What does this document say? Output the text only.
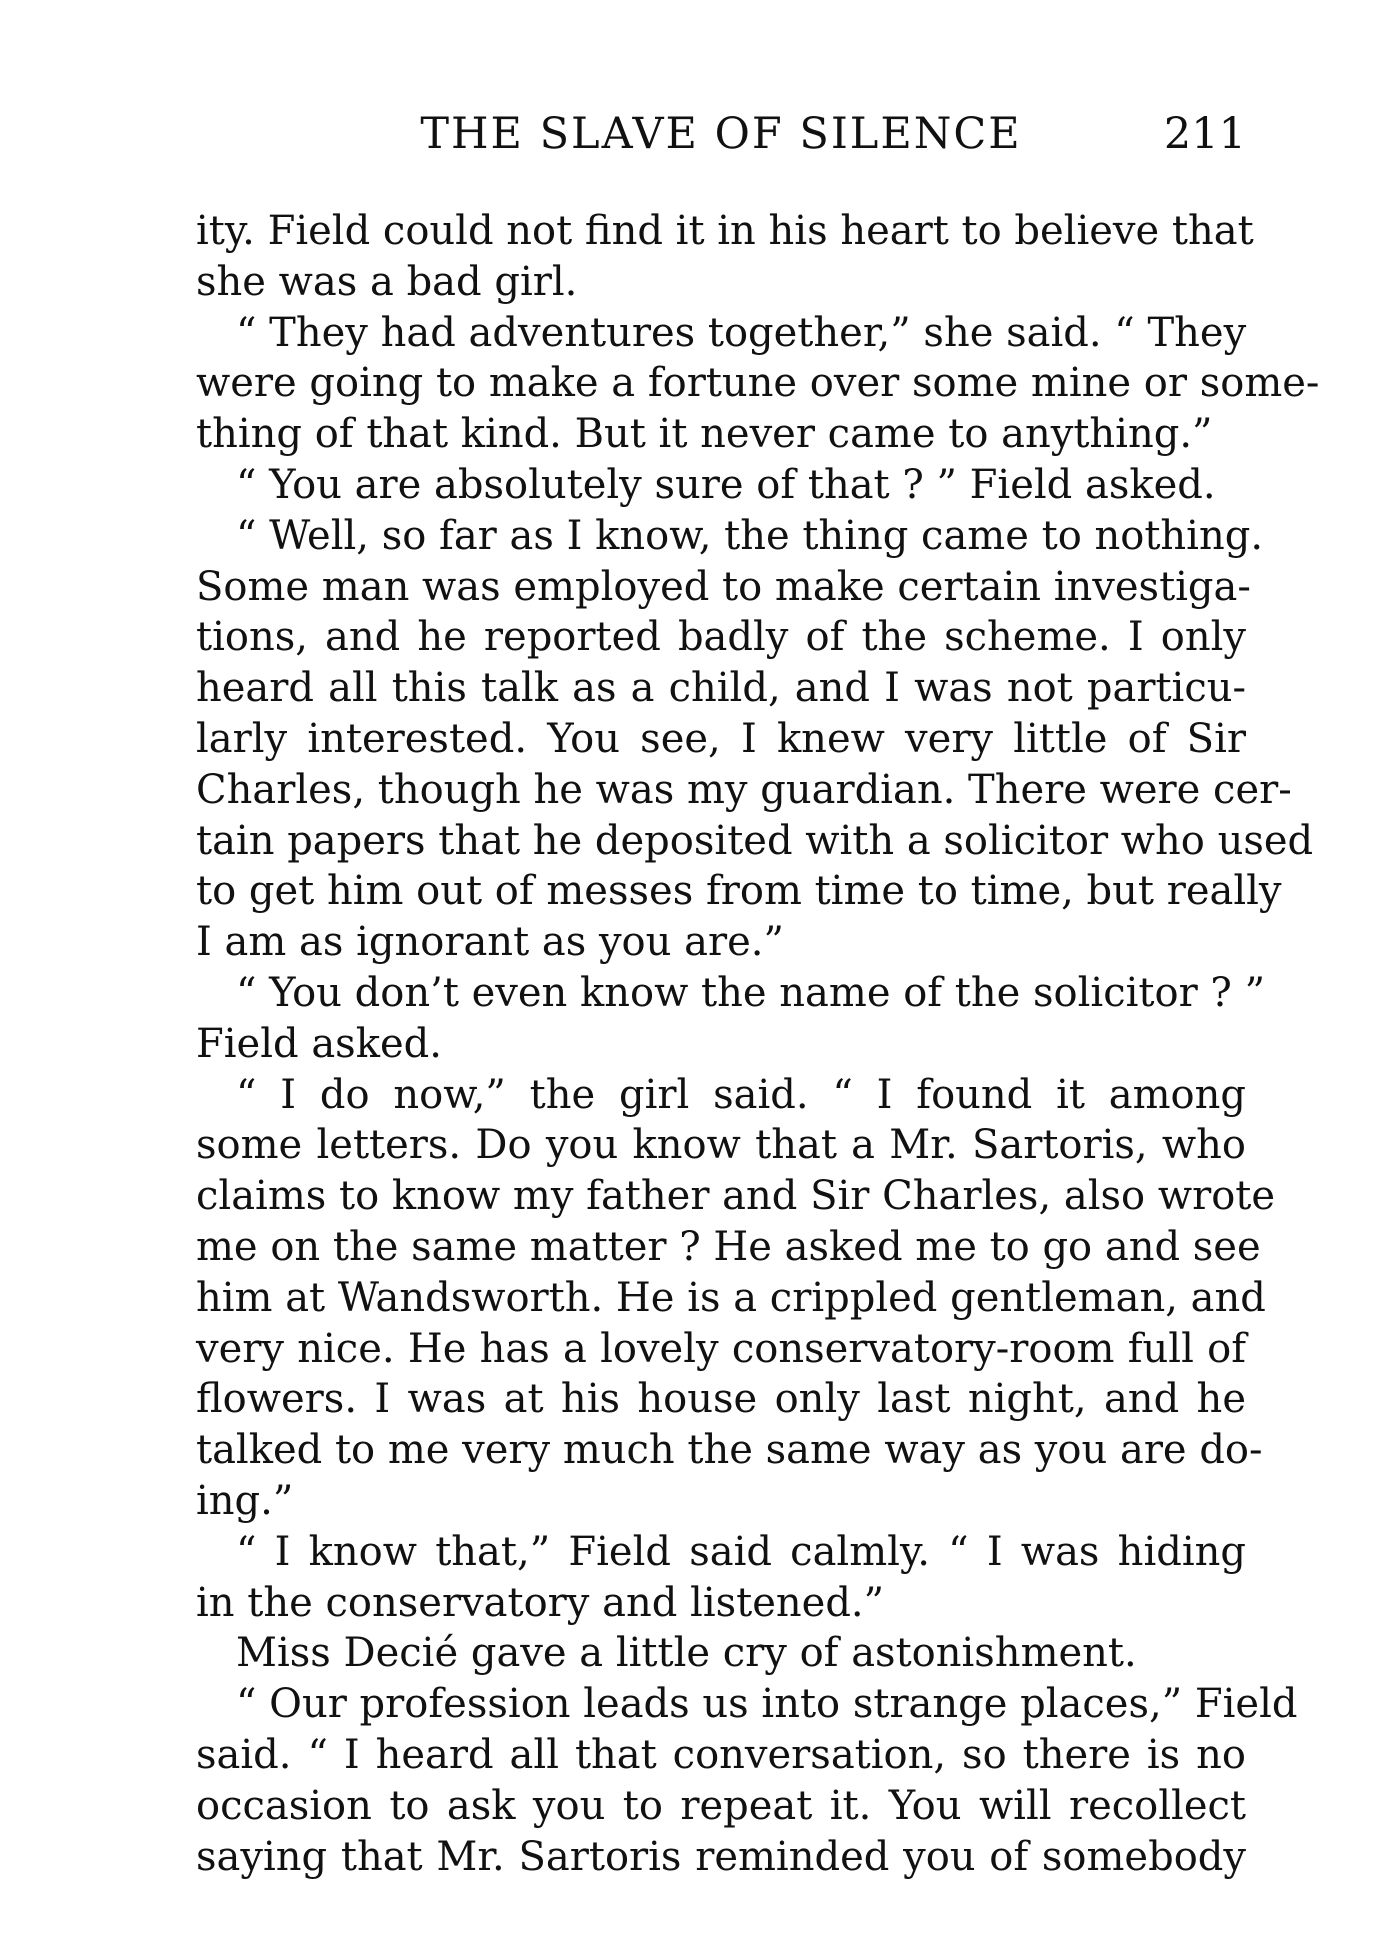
THE SLAVE OF SILENCE	211
ity. Field could not find it in his heart to believe that
she was a bad girl.
“ They had adventures together,” she said. “ They
were going to make a fortune over some mine or some-
thing of that kind. But it never came to anything.”
“ You are absolutely sure of that ? ” Field asked.
“ Well, so far as I know, the thing came to nothing.
Some man was employed to make certain investiga-
tions, and he reported badly of the scheme. I only
heard all this talk as a child, and I was not particu-
larly interested. You see, I knew very little of Sir
Charles, though he was my guardian. There were cer-
tain papers that he deposited with a solicitor who used
to get him out of messes from time to time, but really
I am as ignorant as you are.”
“ You don’t even know the name of the solicitor ? ”
Field asked.
“ I do now,” the girl said. “ I found it among
some letters. Do you know that a Mr. Sartoris, who
claims to know my father and Sir Charles, also wrote
me on the same matter ? He asked me to go and see
him at Wandsworth. He is a crippled gentleman, and
very nice. He has a lovely conservatory-room full of
flowers. I was at his house only last night, and he
talked to me very much the same way as you are do-
ing.”
“ I know that,” Field said calmly. “ I was hiding
in the conservatory and listened.”
Miss Decié gave a little cry of astonishment.
“ Our profession leads us into strange places,” Field
said. “ I heard all that conversation, so there is no
occasion to ask you to repeat it. You will recollect
saying that Mr. Sartoris reminded you of somebody
